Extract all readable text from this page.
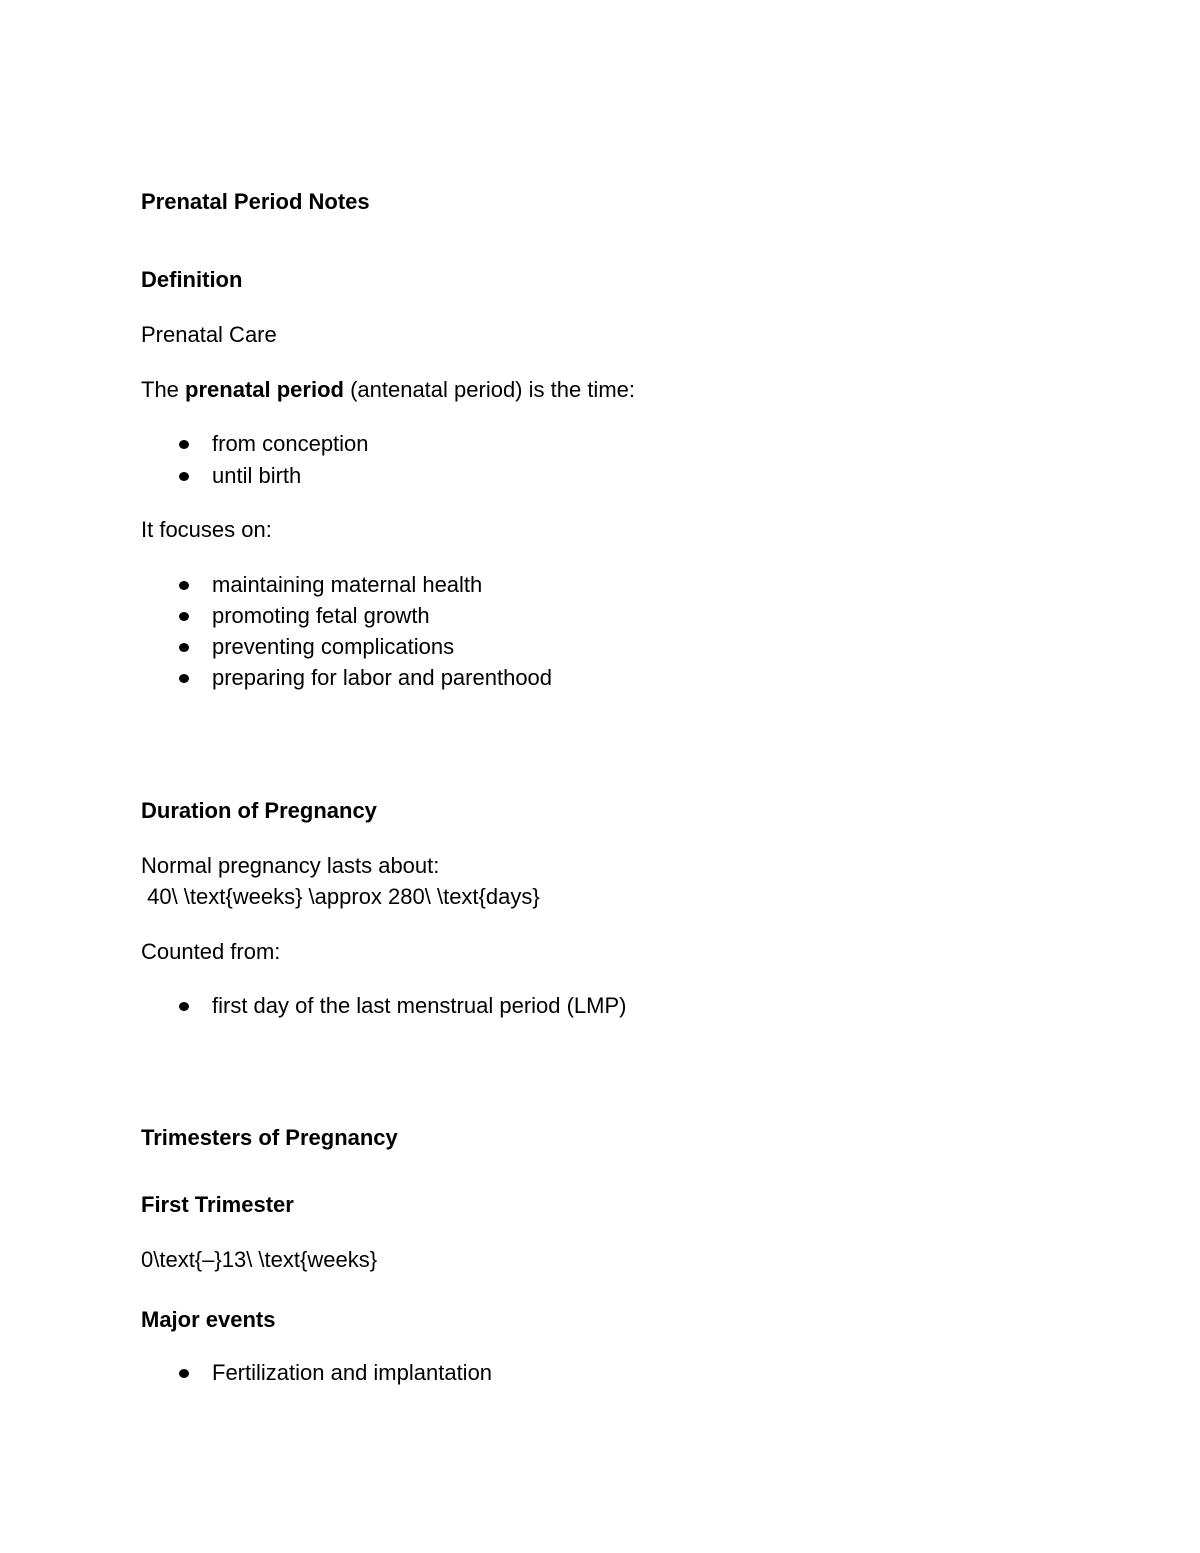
Prenatal Period Notes
Definition
Prenatal Care
The prenatal period (antenatal period) is the time:
from conception
until birth
It focuses on:
maintaining maternal health
promoting fetal growth
preventing complications
preparing for labor and parenthood
Duration of Pregnancy
Normal pregnancy lasts about:
40\ \text{weeks} \approx 280\ \text{days}
Counted from:
first day of the last menstrual period (LMP)
Trimesters of Pregnancy
First Trimester
0\text{–}13\ \text{weeks}
Major events
Fertilization and implantation
